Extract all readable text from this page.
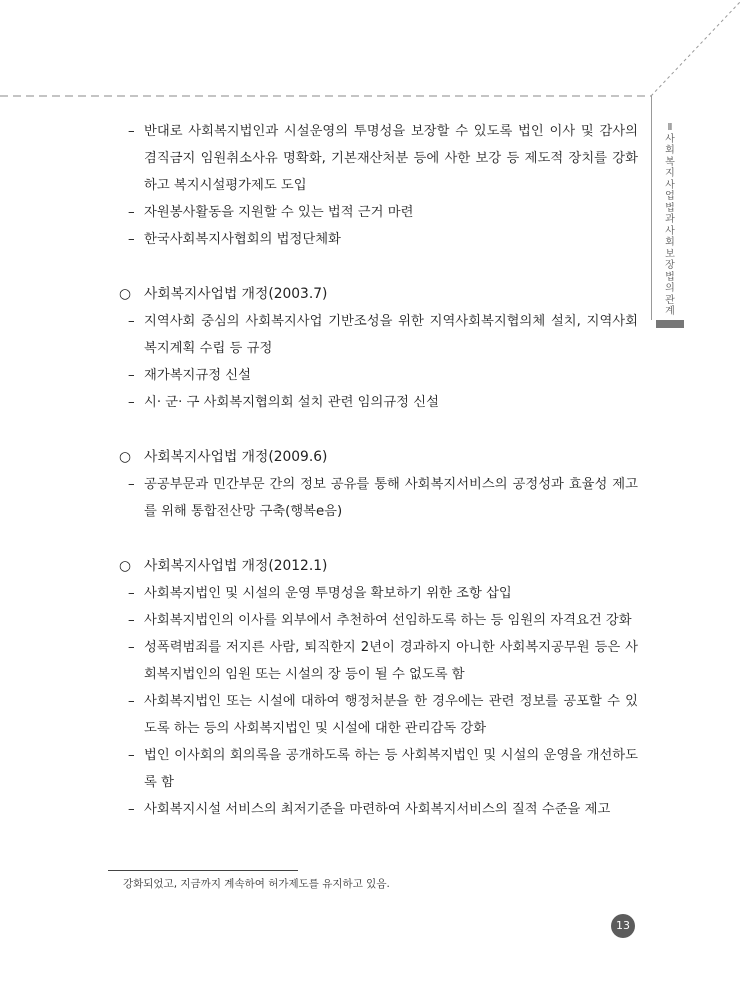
Ⅱ
사
회
복
지
사
업
법
과
사
회
보
장
법
의
관
계
– 반대로 사회복지법인과 시설운영의 투명성을 보장할 수 있도록 법인 이사 및 감사의 겸직금지 임원취소사유 명확화, 기본재산처분 등에 사한 보강 등 제도적 장치를 강화하고 복지시설평가제도 도입
– 자원봉사활동을 지원할 수 있는 법적 근거 마련
– 한국사회복지사협회의 법정단체화
○ 사회복지사업법 개정(2003.7)
– 지역사회 중심의 사회복지사업 기반조성을 위한 지역사회복지협의체 설치, 지역사회복지계획 수립 등 규정
– 재가복지규정 신설
– 시· 군· 구 사회복지협의회 설치 관련 임의규정 신설
○ 사회복지사업법 개정(2009.6)
– 공공부문과 민간부문 간의 정보 공유를 통해 사회복지서비스의 공정성과 효율성 제고를 위해 통합전산망 구축(행복e음)
○ 사회복지사업법 개정(2012.1)
– 사회복지법인 및 시설의 운영 투명성을 확보하기 위한 조항 삽입
– 사회복지법인의 이사를 외부에서 추천하여 선임하도록 하는 등 임원의 자격요건 강화
– 성폭력범죄를 저지른 사람, 퇴직한지 2년이 경과하지 아니한 사회복지공무원 등은 사회복지법인의 임원 또는 시설의 장 등이 될 수 없도록 함
– 사회복지법인 또는 시설에 대하여 행정처분을 한 경우에는 관련 정보를 공포할 수 있도록 하는 등의 사회복지법인 및 시설에 대한 관리감독 강화
– 법인 이사회의 회의록을 공개하도록 하는 등 사회복지법인 및 시설의 운영을 개선하도록 함
– 사회복지시설 서비스의 최저기준을 마련하여 사회복지서비스의 질적 수준을 제고
강화되었고, 지금까지 계속하여 허가제도를 유지하고 있음.
13
